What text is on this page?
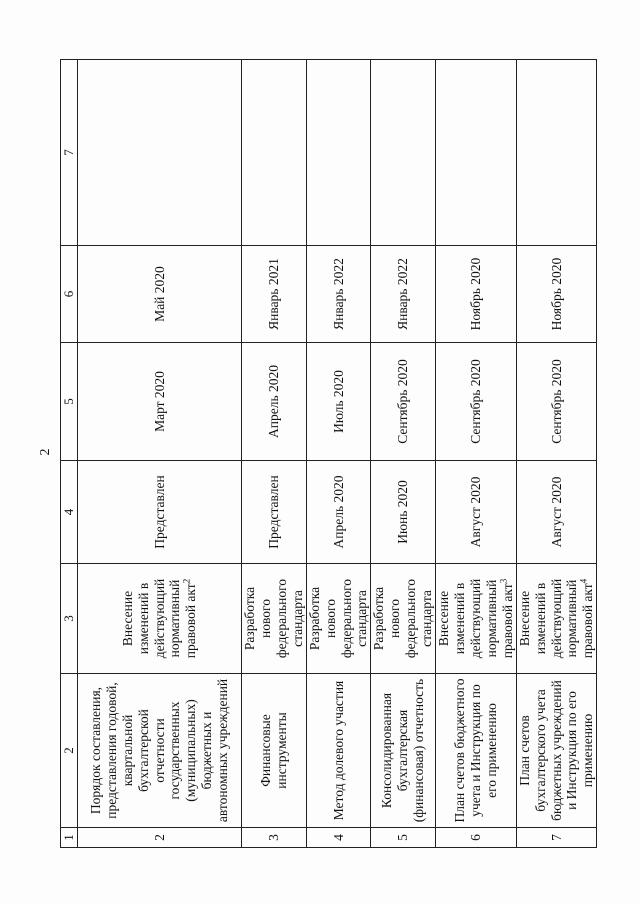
2
1	2	3	4	5	6	7
2	Порядок составления, представления годовой, квартальной бухгалтерской отчетности государственных (муниципальных) бюджетных и автономных учреждений	Внесение изменений в действующий нормативный правовой акт$^2$	Представлен	Март 2020	Май 2020	
3	Финансовые инструменты	Разработка нового федерального стандарта	Представлен	Апрель 2020	Январь 2021	
4	Метод долевого участия	Разработка нового федерального стандарта	Апрель 2020	Июль 2020	Январь 2022	
5	Консолидированная бухгалтерская (финансовая) отчетность	Разработка нового федерального стандарта	Июнь 2020	Сентябрь 2020	Январь 2022	
6	План счетов бюджетного учета и Инструкция по его применению	Внесение изменений в действующий нормативный правовой акт$^3$	Август 2020	Сентябрь 2020	Ноябрь 2020	
7	План счетов бухгалтерского учета бюджетных учреждений и Инструкция по его применению	Внесение изменений в действующий нормативный правовой акт$^4$	Август 2020	Сентябрь 2020	Ноябрь 2020	
